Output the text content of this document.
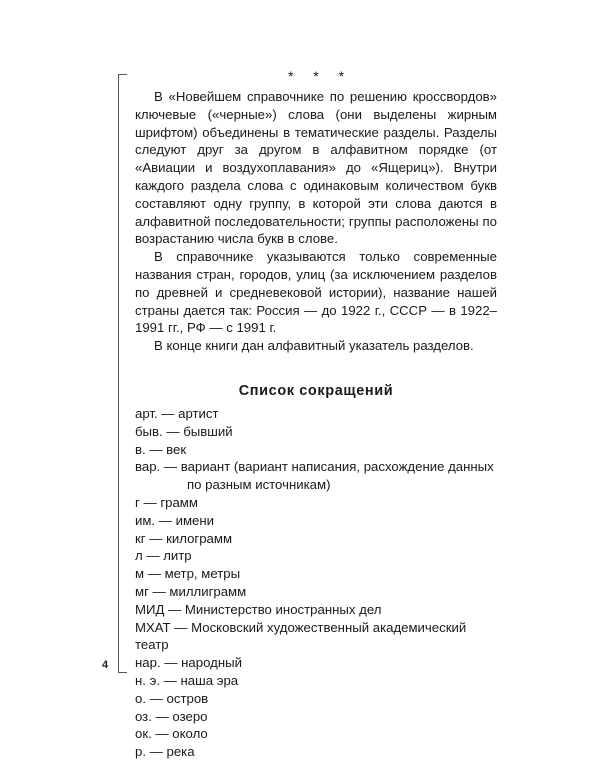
4
* * *

В «Новейшем справочнике по решению кроссвордов» ключевые («черные») слова (они выделены жирным шрифтом) объединены в тематические разделы. Разделы следуют друг за другом в алфавитном порядке (от «Авиации и воздухоплавания» до «Ящериц»). Внутри каждого раздела слова с одинаковым количеством букв составляют одну группу, в которой эти слова даются в алфавитной последовательности; группы расположены по возрастанию числа букв в слове.

В справочнике указываются только современные названия стран, городов, улиц (за исключением разделов по древней и средневековой истории), название нашей страны дается так: Россия — до 1922 г., СССР — в 1922–1991 гг., РФ — с 1991 г.

В конце книги дан алфавитный указатель разделов.

Список сокращений
арт. — артист
быв. — бывший
в. — век
вар. — вариант (вариант написания, расхождение данных
по разным источникам)
г — грамм
им. — имени
кг — килограмм
л — литр
м — метр, метры
мг — миллиграмм
МИД — Министерство иностранных дел
МХАТ — Московский художественный академический театр
нар. — народный
н. э. — наша эра
о. — остров
оз. — озеро
ок. — около
р. — река
